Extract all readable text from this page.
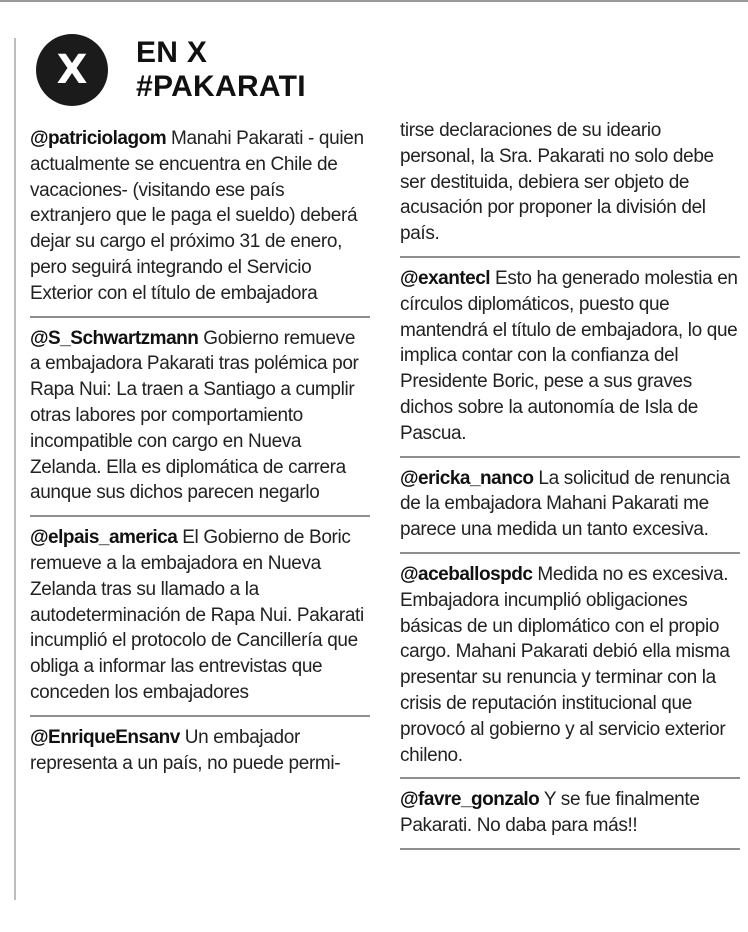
X EN X
#PAKARATI
@patriciolagom Manahi Pakarati - quien actualmente se encuentra en Chile de vacaciones- (visitando ese país extranjero que le paga el sueldo) deberá dejar su cargo el próximo 31 de enero, pero seguirá integrando el Servicio Exterior con el título de embajadora
@S_Schwartzmann Gobierno remueve a embajadora Pakarati tras polémica por Rapa Nui: La traen a Santiago a cumplir otras labores por comportamiento incompatible con cargo en Nueva Zelanda. Ella es diplomática de carrera aunque sus dichos parecen negarlo
@elpais_america El Gobierno de Boric remueve a la embajadora en Nueva Zelanda tras su llamado a la autodeterminación de Rapa Nui. Pakarati incumplió el protocolo de Cancillería que obliga a informar las entrevistas que conceden los embajadores
@EnriqueEnsanv Un embajador representa a un país, no puede permi-
tirse declaraciones de su ideario personal, la Sra. Pakarati no solo debe ser destituida, debiera ser objeto de acusación por proponer la división del país.
@exantecl Esto ha generado molestia en círculos diplomáticos, puesto que mantendrá el título de embajadora, lo que implica contar con la confianza del Presidente Boric, pese a sus graves dichos sobre la autonomía de Isla de Pascua.
@ericka_nanco La solicitud de renuncia de la embajadora Mahani Pakarati me parece una medida un tanto excesiva.
@aceballospdc Medida no es excesiva. Embajadora incumplió obligaciones básicas de un diplomático con el propio cargo. Mahani Pakarati debió ella misma presentar su renuncia y terminar con la crisis de reputación institucional que provocó al gobierno y al servicio exterior chileno.
@favre_gonzalo Y se fue finalmente Pakarati. No daba para más!!
